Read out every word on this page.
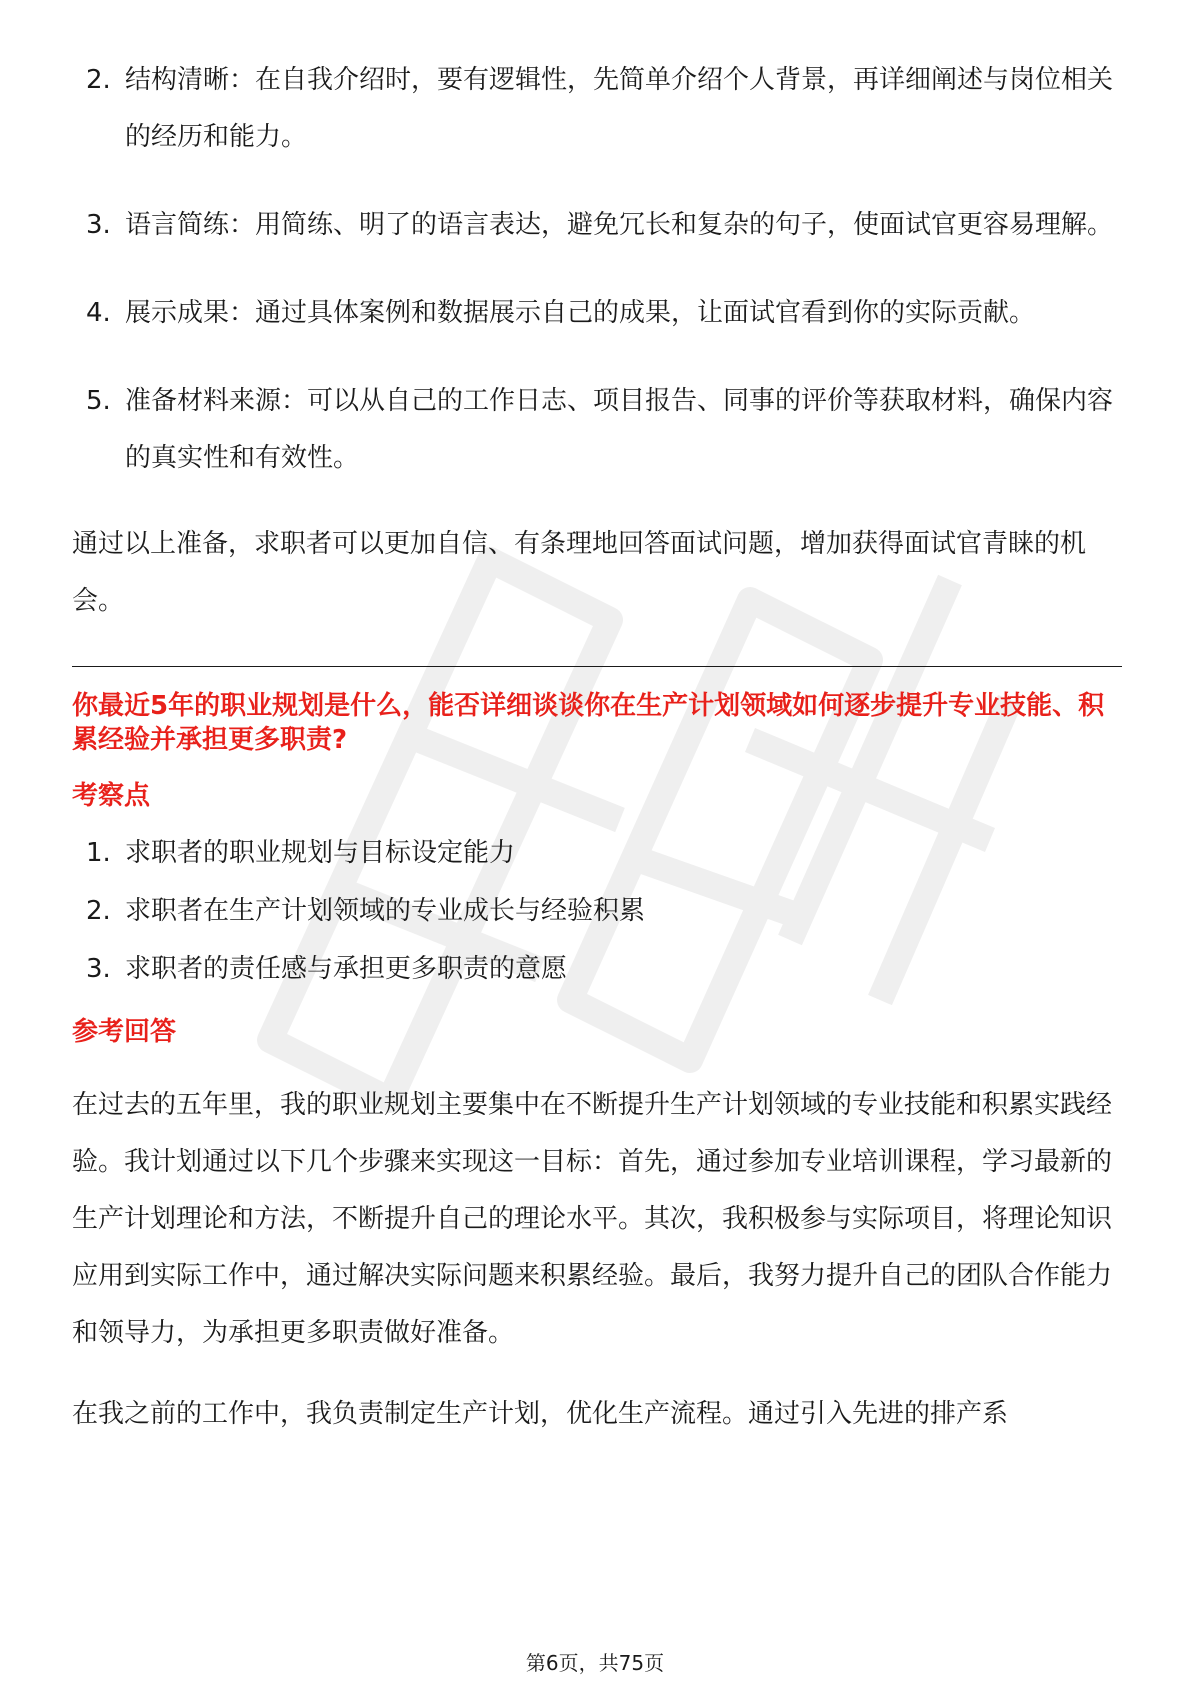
2. 结构清晰：在自我介绍时，要有逻辑性，先简单介绍个人背景，再详细阐述与岗位相关的经历和能力。
3. 语言简练：用简练、明了的语言表达，避免冗长和复杂的句子，使面试官更容易理解。
4. 展示成果：通过具体案例和数据展示自己的成果，让面试官看到你的实际贡献。
5. 准备材料来源：可以从自己的工作日志、项目报告、同事的评价等获取材料，确保内容的真实性和有效性。

通过以上准备，求职者可以更加自信、有条理地回答面试问题，增加获得面试官青睐的机会。

你最近5年的职业规划是什么，能否详细谈谈你在生产计划领域如何逐步提升专业技能、积累经验并承担更多职责?

考察点

1. 求职者的职业规划与目标设定能力
2. 求职者在生产计划领域的专业成长与经验积累
3. 求职者的责任感与承担更多职责的意愿

参考回答

在过去的五年里，我的职业规划主要集中在不断提升生产计划领域的专业技能和积累实践经验。我计划通过以下几个步骤来实现这一目标：首先，通过参加专业培训课程，学习最新的生产计划理论和方法，不断提升自己的理论水平。其次，我积极参与实际项目，将理论知识应用到实际工作中，通过解决实际问题来积累经验。最后，我努力提升自己的团队合作能力和领导力，为承担更多职责做好准备。

在我之前的工作中，我负责制定生产计划，优化生产流程。通过引入先进的排产系

第6页，共75页
